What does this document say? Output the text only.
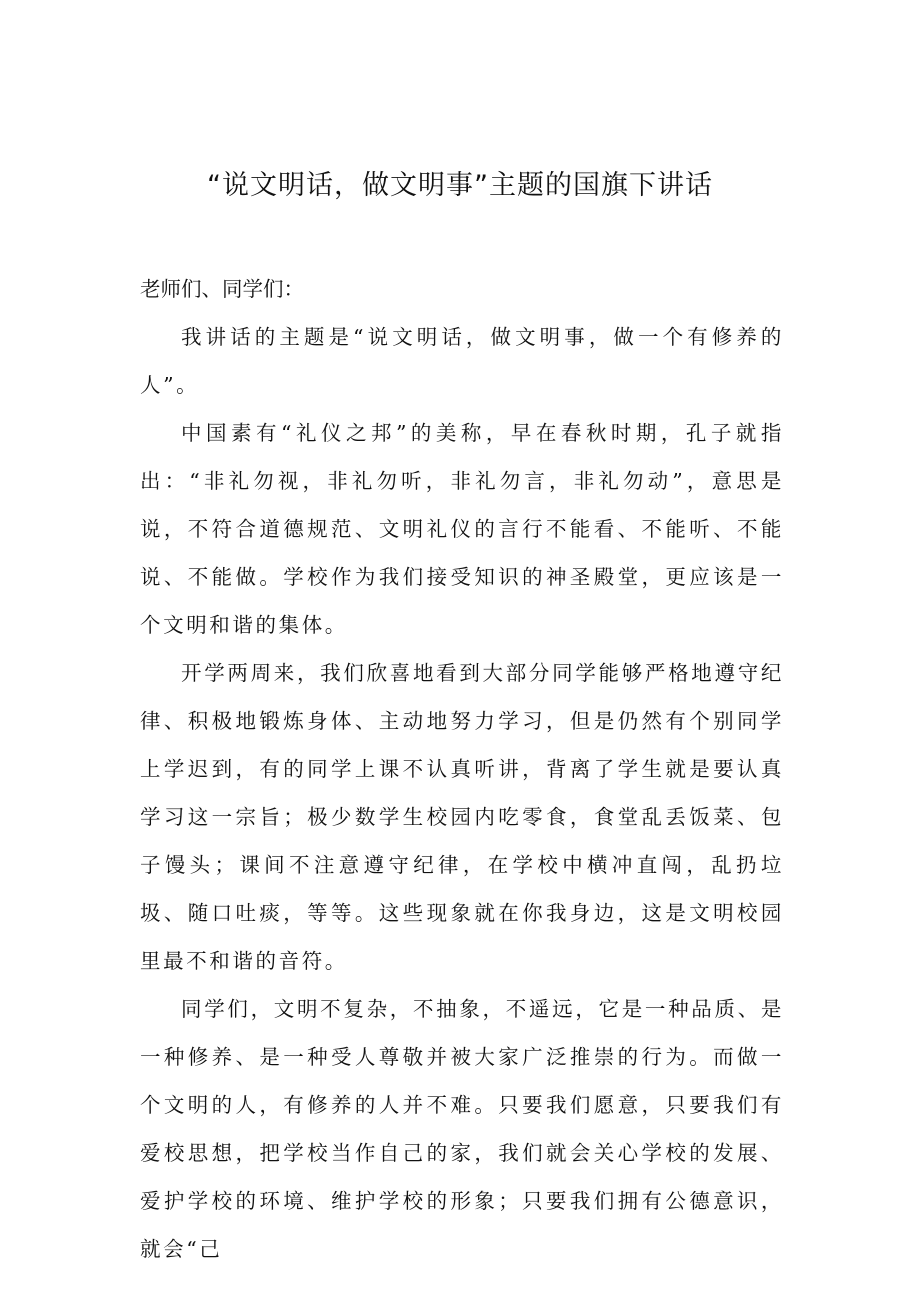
“说文明话，做文明事”主题的国旗下讲话

老师们、同学们：

我讲话的主题是“说文明话，做文明事，做一个有修养的人”。

中国素有“礼仪之邦”的美称，早在春秋时期，孔子就指出：“非礼勿视，非礼勿听，非礼勿言，非礼勿动”，意思是说，不符合道德规范、文明礼仪的言行不能看、不能听、不能说、不能做。学校作为我们接受知识的神圣殿堂，更应该是一个文明和谐的集体。

开学两周来，我们欣喜地看到大部分同学能够严格地遵守纪律、积极地锻炼身体、主动地努力学习，但是仍然有个别同学上学迟到，有的同学上课不认真听讲，背离了学生就是要认真学习这一宗旨；极少数学生校园内吃零食，食堂乱丢饭菜、包子馒头；课间不注意遵守纪律，在学校中横冲直闯，乱扔垃圾、随口吐痰，等等。这些现象就在你我身边，这是文明校园里最不和谐的音符。

同学们，文明不复杂，不抽象，不遥远，它是一种品质、是一种修养、是一种受人尊敬并被大家广泛推崇的行为。而做一个文明的人，有修养的人并不难。只要我们愿意，只要我们有爱校思想，把学校当作自己的家，我们就会关心学校的发展、爱护学校的环境、维护学校的形象；只要我们拥有公德意识，就会“己
